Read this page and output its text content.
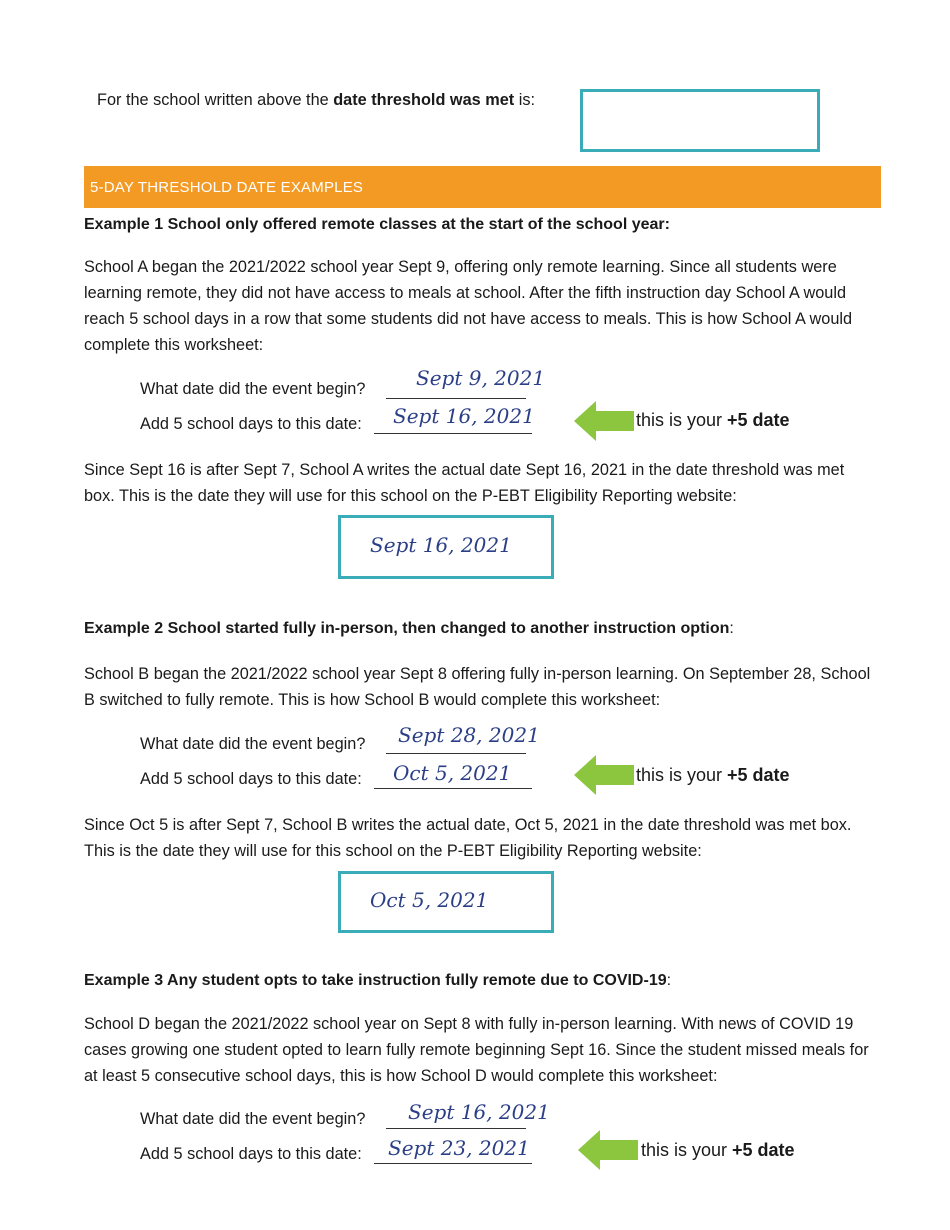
For the school written above the date threshold was met is:
5-DAY THRESHOLD DATE EXAMPLES
Example 1 School only offered remote classes at the start of the school year:
School A began the 2021/2022 school year Sept 9, offering only remote learning. Since all students were learning remote, they did not have access to meals at school. After the fifth instruction day School A would reach 5 school days in a row that some students did not have access to meals. This is how School A would complete this worksheet:
What date did the event begin?	Sept 9, 2021
Add 5 school days to this date: Sept 16, 2021	this is your +5 date
Since Sept 16 is after Sept 7, School A writes the actual date Sept 16, 2021 in the date threshold was met box. This is the date they will use for this school on the P-EBT Eligibility Reporting website:
Sept 16, 2021
Example 2 School started fully in-person, then changed to another instruction option:
School B began the 2021/2022 school year Sept 8 offering fully in-person learning. On September 28, School B switched to fully remote. This is how School B would complete this worksheet:
What date did the event begin? Sept 28, 2021
Add 5 school days to this date: Oct 5, 2021	this is your +5 date
Since Oct 5 is after Sept 7, School B writes the actual date, Oct 5, 2021 in the date threshold was met box. This is the date they will use for this school on the P-EBT Eligibility Reporting website:
Oct 5, 2021
Example 3 Any student opts to take instruction fully remote due to COVID-19:
School D began the 2021/2022 school year on Sept 8 with fully in-person learning. With news of COVID 19 cases growing one student opted to learn fully remote beginning Sept 16. Since the student missed meals for at least 5 consecutive school days, this is how School D would complete this worksheet:
What date did the event begin? Sept 16, 2021
Add 5 school days to this date: Sept 23, 2021	this is your +5 date
